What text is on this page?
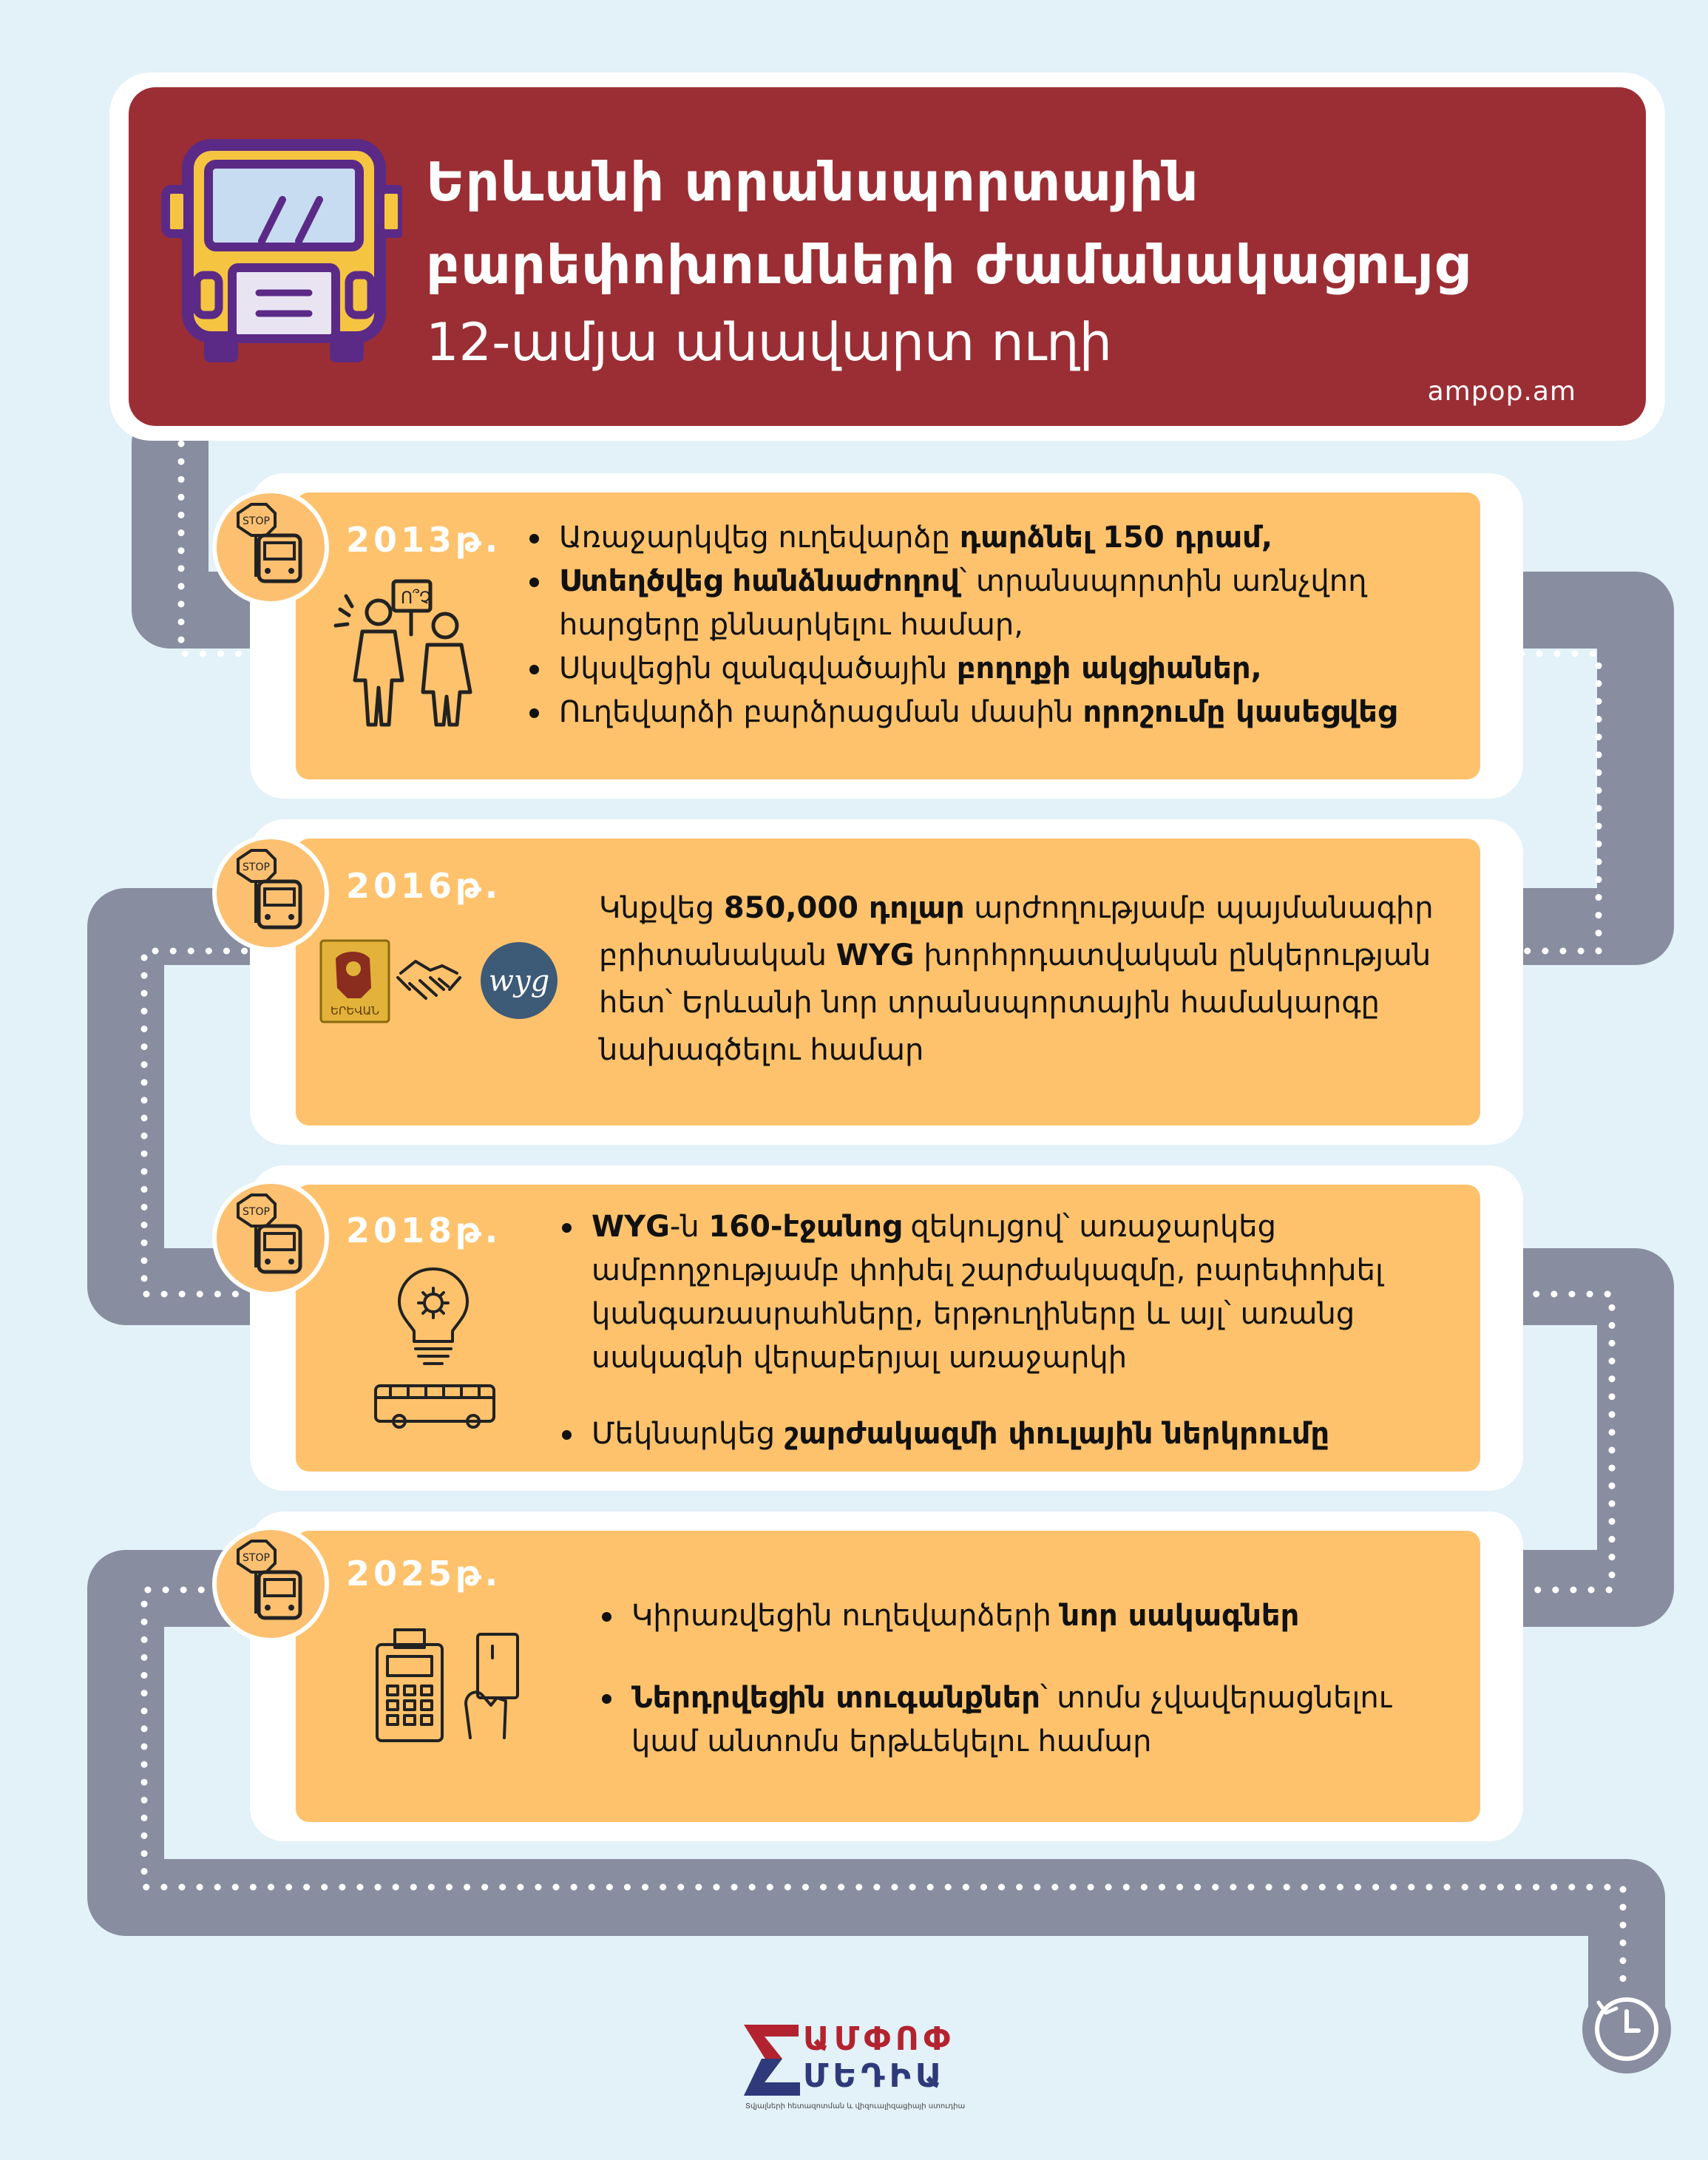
Երևանի տրանսպորտային
բարեփոխումների ժամանակացույց
12-ամյա անավարտ ուղի
ampop.am
STOP 2013թ.
Ո՞Չ
Առաջարկվեց ուղեվարձը դարձնել 150 դրամ,
Ստեղծվեց հանձնաժողով՝ տրանսպորտին առնչվող
հարցերը քննարկելու համար,
Սկսվեցին զանգվածային բողոքի ակցիաներ,
Ուղեվարձի բարձրացման մասին որոշումը կասեցվեց
STOP 2016թ.
ԵՐԵՎԱՆ
wyg
Կնքվեց 850,000 դոլար արժողությամբ պայմանագիր
բրիտանական WYG խորհրդատվական ընկերության
հետ՝ Երևանի նոր տրանսպորտային համակարգը
նախագծելու համար
STOP 2018թ.	WYG-ն 160-էջանոց զեկույցով՝ առաջարկեց
ամբողջությամբ փոխել շարժակազմը, բարեփոխել
կանգառասրահները, երթուղիները և այլ՝ առանց
սակագնի վերաբերյալ առաջարկի
Մեկնարկեց շարժակազմի փուլային ներկրումը
STOP 2025թ.
Կիրառվեցին ուղեվարձերի նոր սակագներ
Ներդրվեցին տուգանքներ՝ տոմս չվավերացնելու
կամ անտոմս երթևեկելու համար
ԱՄՓՈՓ
ՄԵԴԻԱ
Տվյալների հետազոտման և վիզուալիզացիայի ստուդիա
